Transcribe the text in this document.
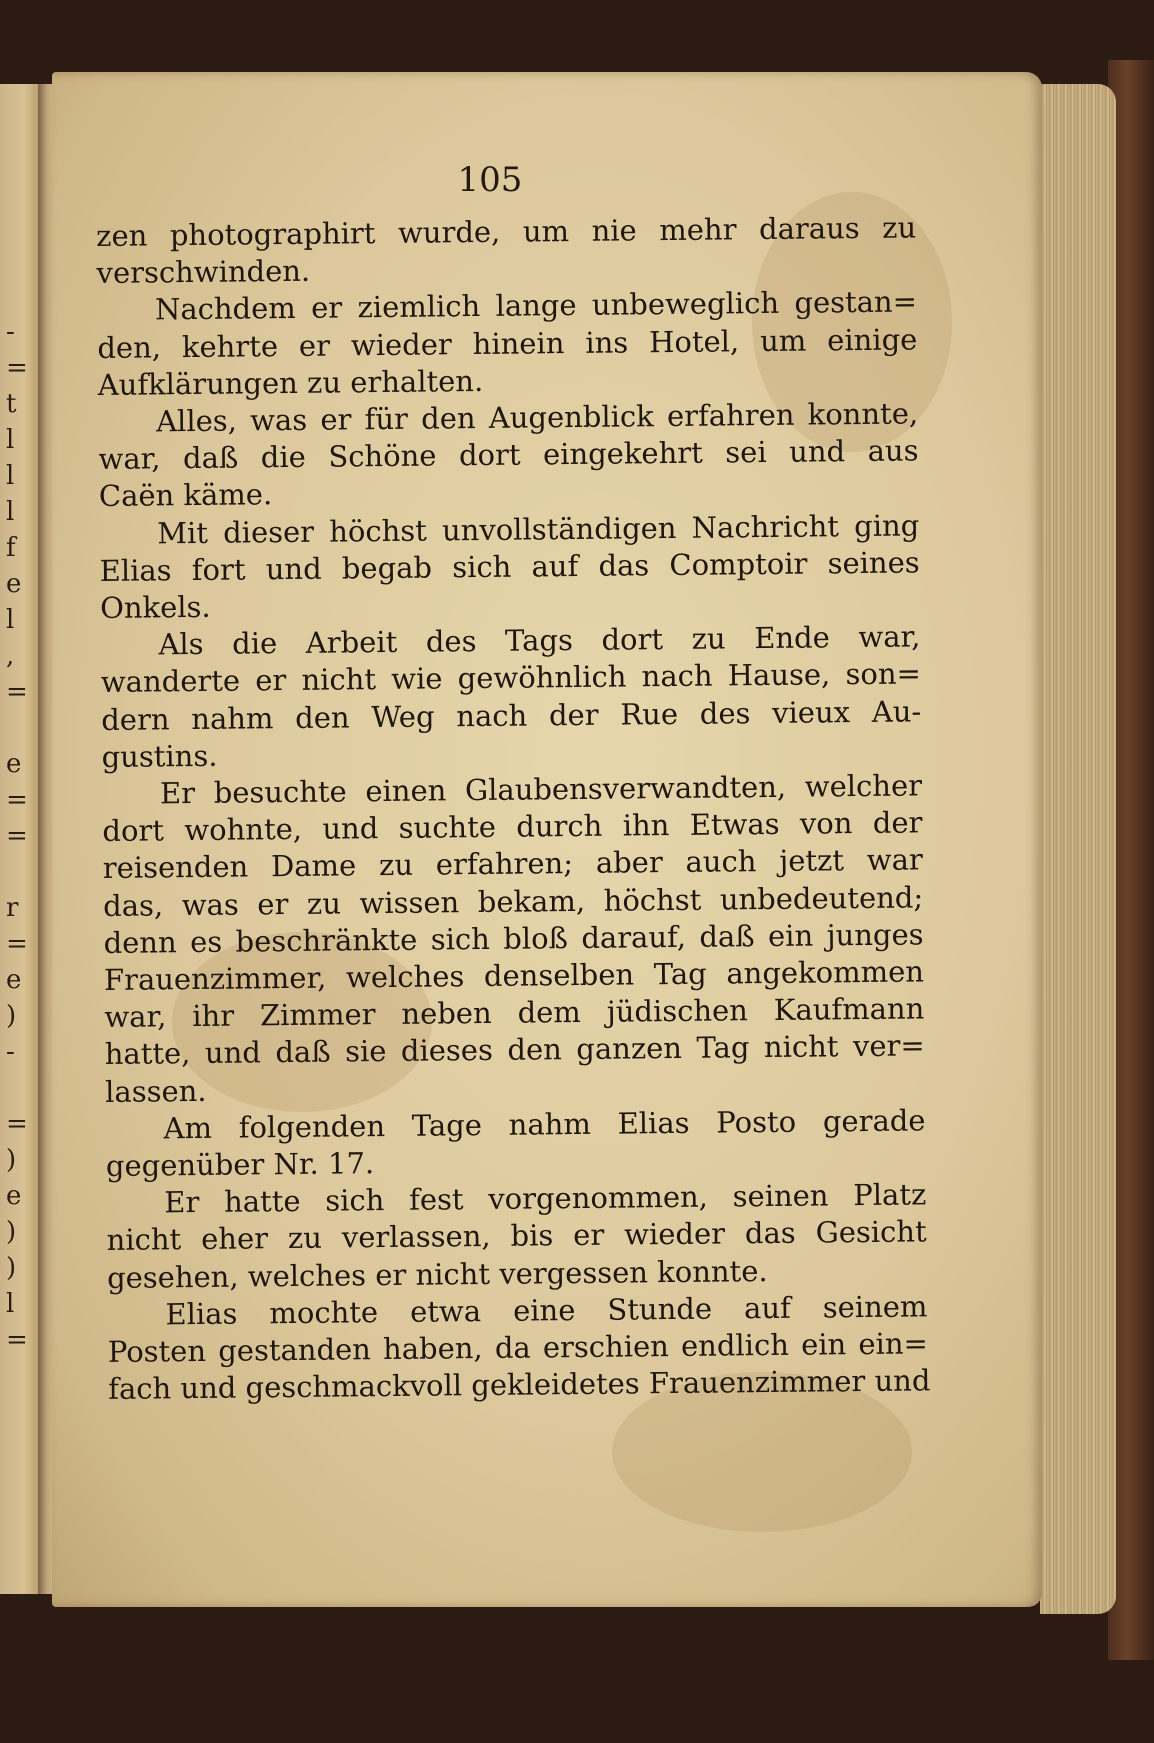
-
=
t
l
l
l
f
e
l
,
=
e
=
=
r
=
e
)
-
=
)
e
)
)
l
=

105

zen photographirt wurde, um nie mehr daraus zu
verschwinden.
Nachdem er ziemlich lange unbeweglich gestan=
den, kehrte er wieder hinein ins Hotel, um einige
Aufklärungen zu erhalten.
Alles, was er für den Augenblick erfahren konnte,
war, daß die Schöne dort eingekehrt sei und aus
Caën käme.
Mit dieser höchst unvollständigen Nachricht ging
Elias fort und begab sich auf das Comptoir seines
Onkels.
Als die Arbeit des Tags dort zu Ende war,
wanderte er nicht wie gewöhnlich nach Hause, son=
dern nahm den Weg nach der Rue des vieux Au-
gustins.
Er besuchte einen Glaubensverwandten, welcher
dort wohnte, und suchte durch ihn Etwas von der
reisenden Dame zu erfahren; aber auch jetzt war
das, was er zu wissen bekam, höchst unbedeutend;
denn es beschränkte sich bloß darauf, daß ein junges
Frauenzimmer, welches denselben Tag angekommen
war, ihr Zimmer neben dem jüdischen Kaufmann
hatte, und daß sie dieses den ganzen Tag nicht ver=
lassen.
Am folgenden Tage nahm Elias Posto gerade
gegenüber Nr. 17.
Er hatte sich fest vorgenommen, seinen Platz
nicht eher zu verlassen, bis er wieder das Gesicht
gesehen, welches er nicht vergessen konnte.
Elias mochte etwa eine Stunde auf seinem
Posten gestanden haben, da erschien endlich ein ein=
fach und geschmackvoll gekleidetes Frauenzimmer und
